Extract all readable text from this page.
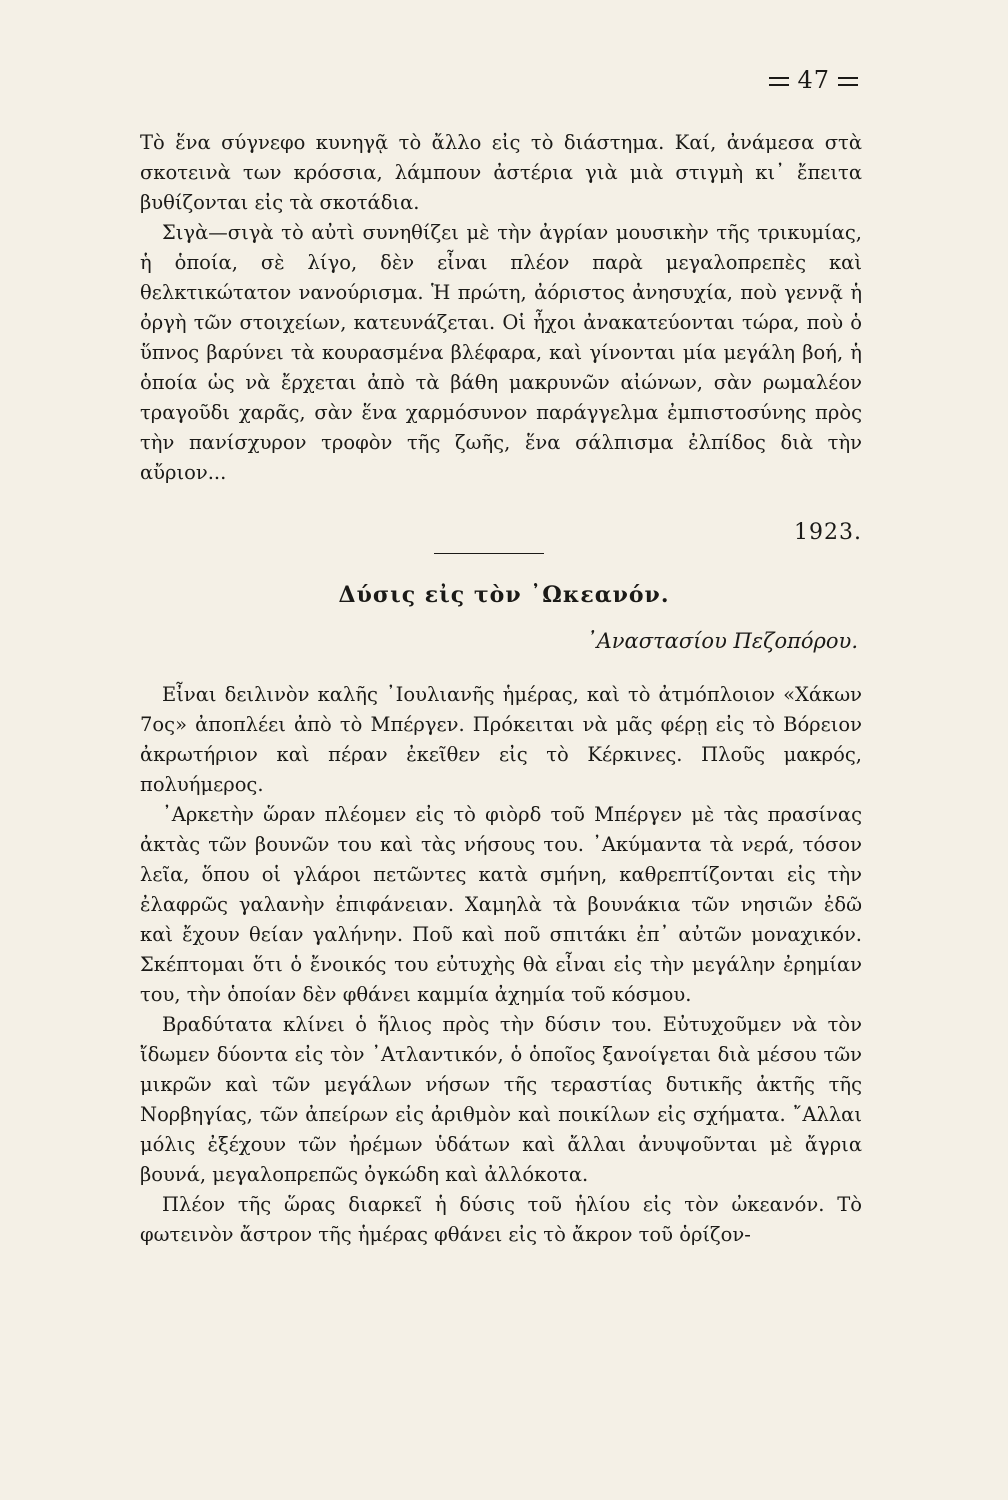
47

Τὸ ἕνα σύγνεφο κυνηγᾷ τὸ ἄλλο εἰς τὸ διάστημα. Καί, ἀνάμεσα στὰ σκοτεινὰ των κρόσσια, λάμπουν ἀστέρια γιὰ μιὰ στιγμὴ κι᾿ ἔπειτα βυθίζονται εἰς τὰ σκοτάδια.

Σιγὰ—σιγὰ τὸ αὐτὶ συνηθίζει μὲ τὴν ἀγρίαν μουσικὴν τῆς τρικυμίας, ἡ ὁποία, σὲ λίγο, δὲν εἶναι πλέον παρὰ μεγαλοπρεπὲς καὶ θελκτικώτατον νανούρισμα. Ἡ πρώτη, ἀόριστος ἀνησυχία, ποὺ γεννᾷ ἡ ὀργὴ τῶν στοιχείων, κατευνάζεται. Οἱ ἦχοι ἀνακατεύονται τώρα, ποὺ ὁ ὕπνος βαρύνει τὰ κουρασμένα βλέφαρα, καὶ γίνονται μία μεγάλη βοή, ἡ ὁποία ὡς νὰ ἔρχεται ἀπὸ τὰ βάθη μακρυνῶν αἰώνων, σὰν ρωμαλέον τραγοῦδι χαρᾶς, σὰν ἕνα χαρμόσυνον παράγγελμα ἐμπιστοσύνης πρὸς τὴν πανίσχυρον τροφὸν τῆς ζωῆς, ἕνα σάλπισμα ἐλπίδος διὰ τὴν αὔριον...

1923.
Δύσις εἰς τὸν ᾿Ωκεανόν.
᾿Αναστασίου Πεζοπόρου.

Εἶναι δειλινὸν καλῆς ᾿Ιουλιανῆς ἡμέρας, καὶ τὸ ἀτμόπλοιον «Χάκων 7ος» ἀποπλέει ἀπὸ τὸ Μπέργεν. Πρόκειται νὰ μᾶς φέρῃ εἰς τὸ Βόρειον ἀκρωτήριον καὶ πέραν ἐκεῖθεν εἰς τὸ Κέρκινες. Πλοῦς μακρός, πολυήμερος.

᾿Αρκετὴν ὥραν πλέομεν εἰς τὸ φιὸρδ τοῦ Μπέργεν μὲ τὰς πρασίνας ἀκτὰς τῶν βουνῶν του καὶ τὰς νήσους του. ᾿Ακύμαντα τὰ νερά, τόσον λεῖα, ὅπου οἱ γλάροι πετῶντες κατὰ σμήνη, καθρεπτίζονται εἰς τὴν ἐλαφρῶς γαλανὴν ἐπιφάνειαν. Χαμηλὰ τὰ βουνάκια τῶν νησιῶν ἐδῶ καὶ ἔχουν θείαν γαλήνην. Ποῦ καὶ ποῦ σπιτάκι ἐπ᾿ αὐτῶν μοναχικόν. Σκέπτομαι ὅτι ὁ ἔνοικός του εὐτυχὴς θὰ εἶναι εἰς τὴν μεγάλην ἐρημίαν του, τὴν ὁποίαν δὲν φθάνει καμμία ἀχημία τοῦ κόσμου.

Βραδύτατα κλίνει ὁ ἥλιος πρὸς τὴν δύσιν του. Εὐτυχοῦμεν νὰ τὸν ἴδωμεν δύοντα εἰς τὸν ᾿Ατλαντικόν, ὁ ὁποῖος ξανοίγεται διὰ μέσου τῶν μικρῶν καὶ τῶν μεγάλων νήσων τῆς τεραστίας δυτικῆς ἀκτῆς τῆς Νορβηγίας, τῶν ἀπείρων εἰς ἀριθμὸν καὶ ποικίλων εἰς σχήματα. ῎Αλλαι μόλις ἐξέχουν τῶν ἠρέμων ὑδάτων καὶ ἄλλαι ἀνυψοῦνται μὲ ἄγρια βουνά, μεγαλοπρεπῶς ὀγκώδη καὶ ἀλλόκοτα.

Πλέον τῆς ὥρας διαρκεῖ ἡ δύσις τοῦ ἡλίου εἰς τὸν ὠκεανόν. Τὸ φωτεινὸν ἄστρον τῆς ἡμέρας φθάνει εἰς τὸ ἄκρον τοῦ ὁρίζον-
